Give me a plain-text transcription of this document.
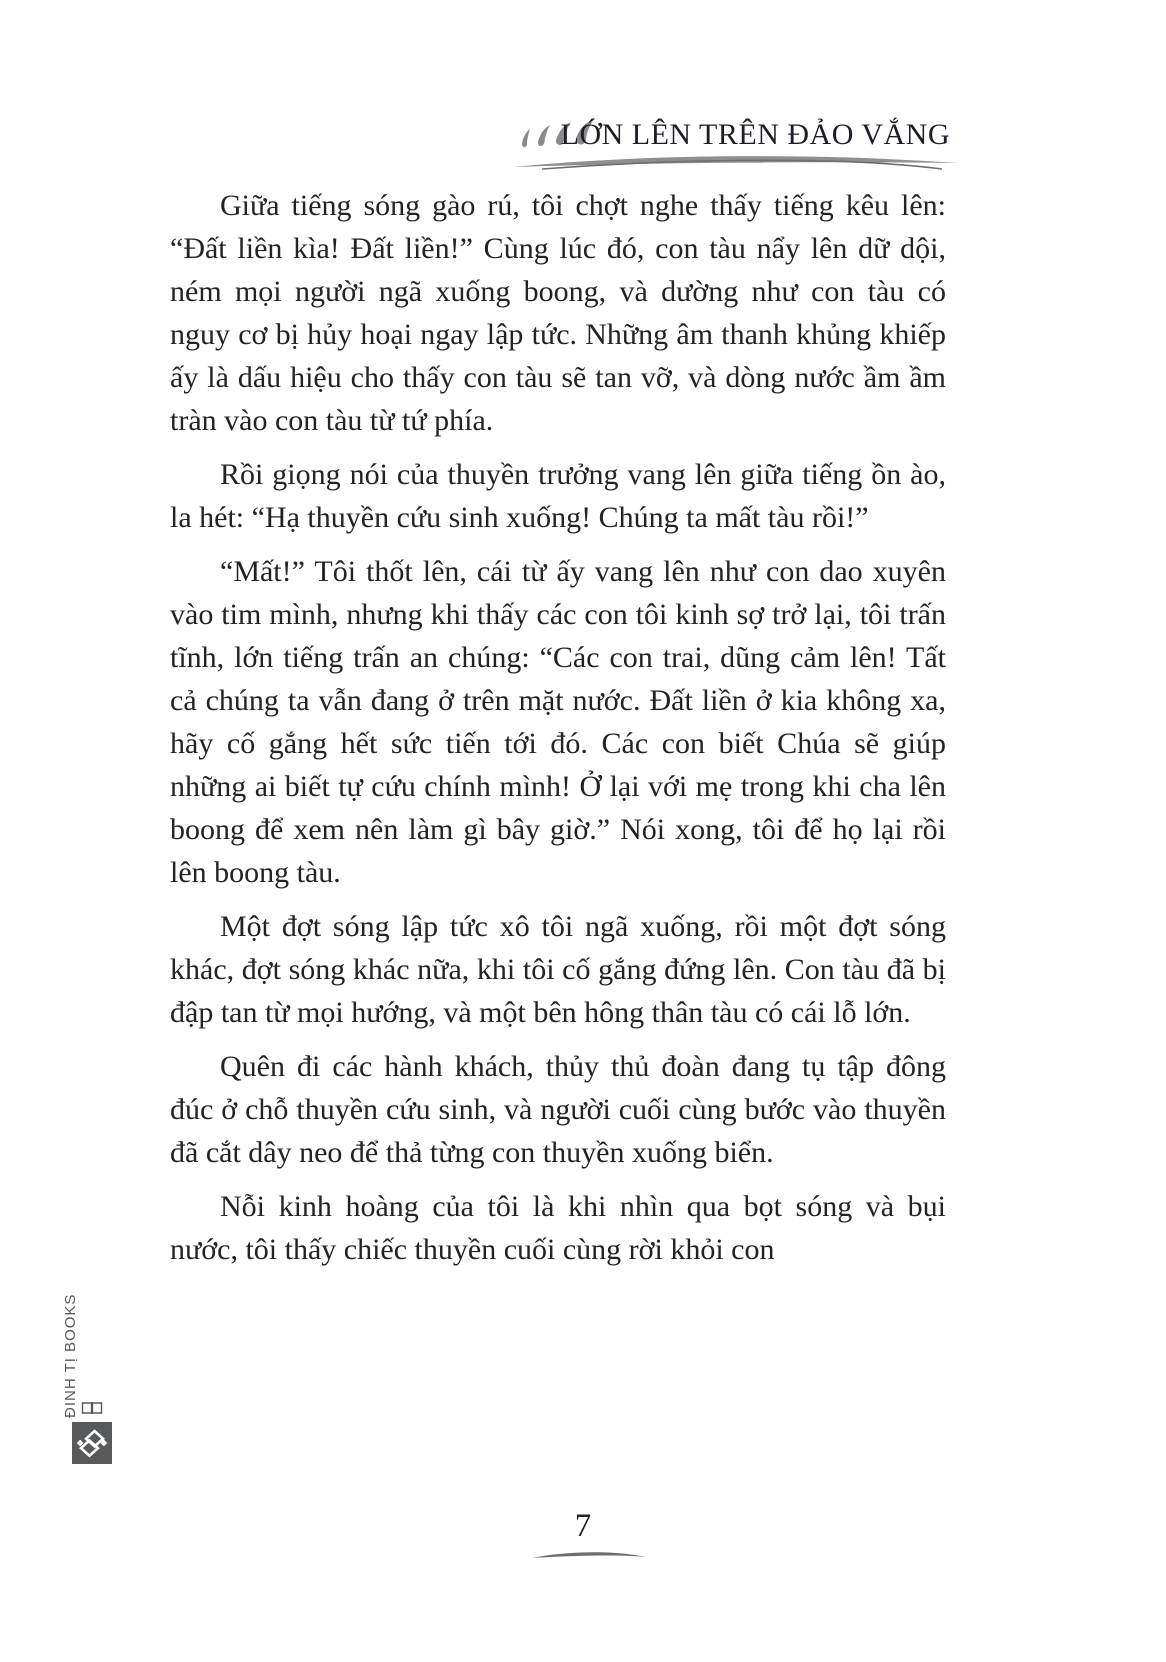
LỚN LÊN TRÊN ĐẢO VẮNG

Giữa tiếng sóng gào rú, tôi chợt nghe thấy tiếng kêu lên: “Đất liền kìa! Đất liền!” Cùng lúc đó, con tàu nẩy lên dữ dội, ném mọi người ngã xuống boong, và dường như con tàu có nguy cơ bị hủy hoại ngay lập tức. Những âm thanh khủng khiếp ấy là dấu hiệu cho thấy con tàu sẽ tan vỡ, và dòng nước ầm ầm tràn vào con tàu từ tứ phía.

Rồi giọng nói của thuyền trưởng vang lên giữa tiếng ồn ào, la hét: “Hạ thuyền cứu sinh xuống! Chúng ta mất tàu rồi!”

“Mất!” Tôi thốt lên, cái từ ấy vang lên như con dao xuyên vào tim mình, nhưng khi thấy các con tôi kinh sợ trở lại, tôi trấn tĩnh, lớn tiếng trấn an chúng: “Các con trai, dũng cảm lên! Tất cả chúng ta vẫn đang ở trên mặt nước. Đất liền ở kia không xa, hãy cố gắng hết sức tiến tới đó. Các con biết Chúa sẽ giúp những ai biết tự cứu chính mình! Ở lại với mẹ trong khi cha lên boong để xem nên làm gì bây giờ.” Nói xong, tôi để họ lại rồi lên boong tàu.

Một đợt sóng lập tức xô tôi ngã xuống, rồi một đợt sóng khác, đợt sóng khác nữa, khi tôi cố gắng đứng lên. Con tàu đã bị đập tan từ mọi hướng, và một bên hông thân tàu có cái lỗ lớn.

Quên đi các hành khách, thủy thủ đoàn đang tụ tập đông đúc ở chỗ thuyền cứu sinh, và người cuối cùng bước vào thuyền đã cắt dây neo để thả từng con thuyền xuống biển.

Nỗi kinh hoàng của tôi là khi nhìn qua bọt sóng và bụi nước, tôi thấy chiếc thuyền cuối cùng rời khỏi con

ĐINH TỊ BOOKS
7
